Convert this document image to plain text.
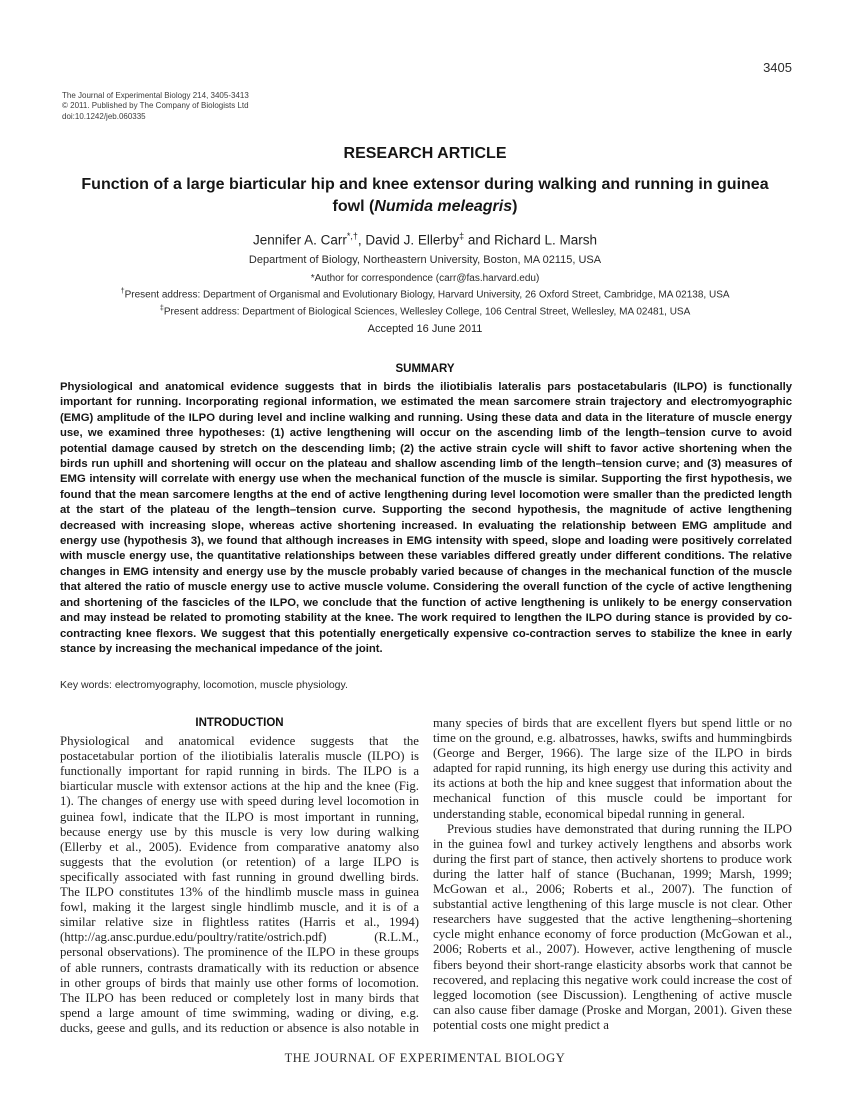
3405
The Journal of Experimental Biology 214, 3405-3413
© 2011. Published by The Company of Biologists Ltd
doi:10.1242/jeb.060335
RESEARCH ARTICLE
Function of a large biarticular hip and knee extensor during walking and running in guinea fowl (Numida meleagris)
Jennifer A. Carr*,†, David J. Ellerby‡ and Richard L. Marsh
Department of Biology, Northeastern University, Boston, MA 02115, USA
*Author for correspondence (carr@fas.harvard.edu)
†Present address: Department of Organismal and Evolutionary Biology, Harvard University, 26 Oxford Street, Cambridge, MA 02138, USA
‡Present address: Department of Biological Sciences, Wellesley College, 106 Central Street, Wellesley, MA 02481, USA
Accepted 16 June 2011
SUMMARY
Physiological and anatomical evidence suggests that in birds the iliotibialis lateralis pars postacetabularis (ILPO) is functionally important for running. Incorporating regional information, we estimated the mean sarcomere strain trajectory and electromyographic (EMG) amplitude of the ILPO during level and incline walking and running. Using these data and data in the literature of muscle energy use, we examined three hypotheses: (1) active lengthening will occur on the ascending limb of the length–tension curve to avoid potential damage caused by stretch on the descending limb; (2) the active strain cycle will shift to favor active shortening when the birds run uphill and shortening will occur on the plateau and shallow ascending limb of the length–tension curve; and (3) measures of EMG intensity will correlate with energy use when the mechanical function of the muscle is similar. Supporting the first hypothesis, we found that the mean sarcomere lengths at the end of active lengthening during level locomotion were smaller than the predicted length at the start of the plateau of the length–tension curve. Supporting the second hypothesis, the magnitude of active lengthening decreased with increasing slope, whereas active shortening increased. In evaluating the relationship between EMG amplitude and energy use (hypothesis 3), we found that although increases in EMG intensity with speed, slope and loading were positively correlated with muscle energy use, the quantitative relationships between these variables differed greatly under different conditions. The relative changes in EMG intensity and energy use by the muscle probably varied because of changes in the mechanical function of the muscle that altered the ratio of muscle energy use to active muscle volume. Considering the overall function of the cycle of active lengthening and shortening of the fascicles of the ILPO, we conclude that the function of active lengthening is unlikely to be energy conservation and may instead be related to promoting stability at the knee. The work required to lengthen the ILPO during stance is provided by co-contracting knee flexors. We suggest that this potentially energetically expensive co-contraction serves to stabilize the knee in early stance by increasing the mechanical impedance of the joint.
Key words: electromyography, locomotion, muscle physiology.
INTRODUCTION

Physiological and anatomical evidence suggests that the postacetabular portion of the iliotibialis lateralis muscle (ILPO) is functionally important for rapid running in birds. The ILPO is a biarticular muscle with extensor actions at the hip and the knee (Fig. 1). The changes of energy use with speed during level locomotion in guinea fowl, indicate that the ILPO is most important in running, because energy use by this muscle is very low during walking (Ellerby et al., 2005). Evidence from comparative anatomy also suggests that the evolution (or retention) of a large ILPO is specifically associated with fast running in ground dwelling birds. The ILPO constitutes 13% of the hindlimb muscle mass in guinea fowl, making it the largest single hindlimb muscle, and it is of a similar relative size in flightless ratites (Harris et al., 1994) (http://ag.ansc.purdue.edu/poultry/ratite/ostrich.pdf) (R.L.M., personal observations). The prominence of the ILPO in these groups of able runners, contrasts dramatically with its reduction or absence in other groups of birds that mainly use other forms of locomotion. The ILPO has been reduced or completely lost in many birds that spend a large amount of time swimming, wading or diving, e.g. ducks, geese and gulls, and its reduction or absence is also notable in many species of birds that are excellent flyers but spend little or no time on the ground, e.g. albatrosses, hawks, swifts and hummingbirds (George and Berger, 1966). The large size of the ILPO in birds adapted for rapid running, its high energy use during this activity and its actions at both the hip and knee suggest that information about the mechanical function of this muscle could be important for understanding stable, economical bipedal running in general.

Previous studies have demonstrated that during running the ILPO in the guinea fowl and turkey actively lengthens and absorbs work during the first part of stance, then actively shortens to produce work during the latter half of stance (Buchanan, 1999; Marsh, 1999; McGowan et al., 2006; Roberts et al., 2007). The function of substantial active lengthening of this large muscle is not clear. Other researchers have suggested that the active lengthening–shortening cycle might enhance economy of force production (McGowan et al., 2006; Roberts et al., 2007). However, active lengthening of muscle fibers beyond their short-range elasticity absorbs work that cannot be recovered, and replacing this negative work could increase the cost of legged locomotion (see Discussion). Lengthening of active muscle can also cause fiber damage (Proske and Morgan, 2001). Given these potential costs one might predict a

THE JOURNAL OF EXPERIMENTAL BIOLOGY
